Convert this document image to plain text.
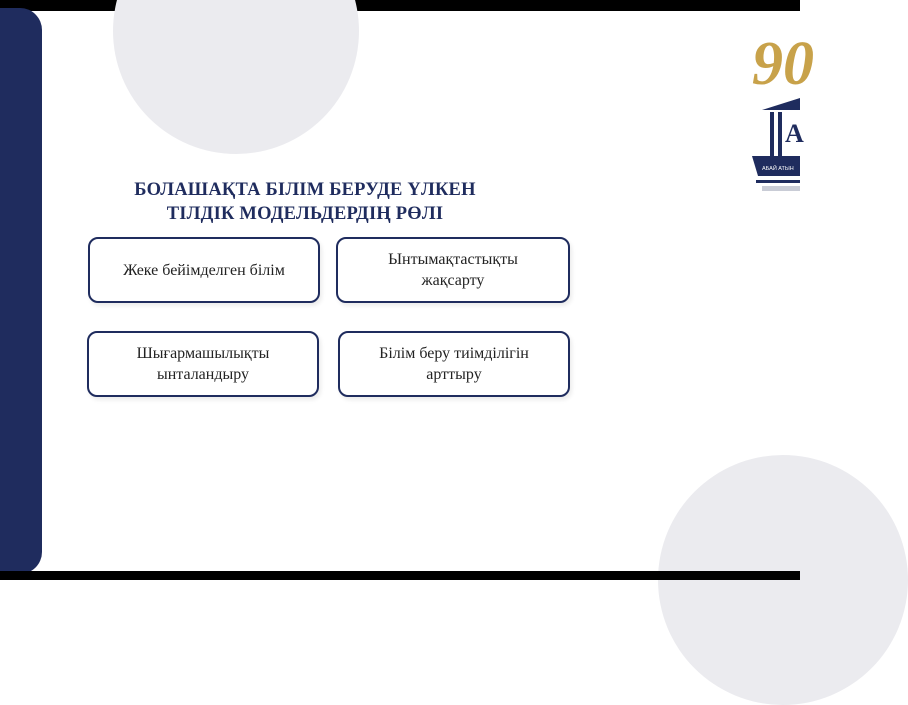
БОЛАШАҚТА БІЛІМ БЕРУДЕ ҮЛКЕН
ТІЛДІК МОДЕЛЬДЕРДІҢ РӨЛІ
Жеке бейімделген білім
Ынтымақтастықты
жақсарту
Шығармашылықты
ынталандыру
Білім беру тиімділігін
арттыру
90
А
АБАЙ АТЫН
